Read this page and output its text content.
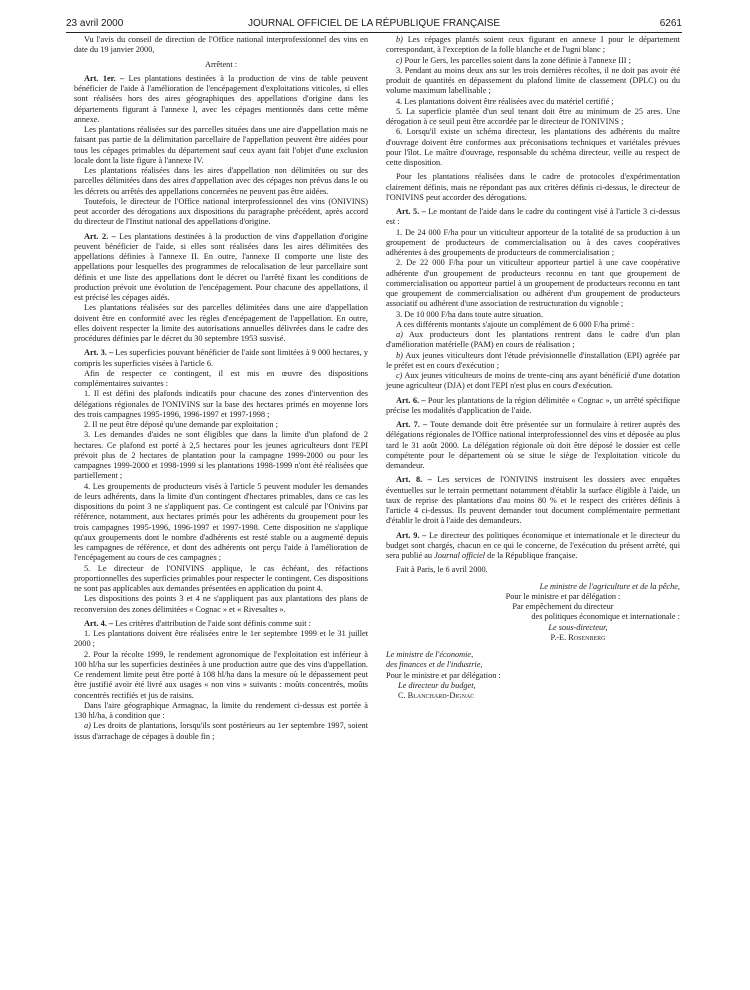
23 avril 2000	JOURNAL OFFICIEL DE LA RÉPUBLIQUE FRANÇAISE	6261

Vu l'avis du conseil de direction de l'Office national interprofessionnel des vins en date du 19 janvier 2000,

Arrêtent :

Art. 1er. – Les plantations destinées à la production de vins de table peuvent bénéficier de l'aide à l'amélioration de l'encépagement d'exploitations viticoles, si elles sont réalisées hors des aires géographiques des appellations d'origine dans les départements figurant à l'annexe I, avec les cépages mentionnés dans cette même annexe.

Les plantations réalisées sur des parcelles situées dans une aire d'appellation mais ne faisant pas partie de la délimitation parcellaire de l'appellation peuvent être aidées pour tous les cépages primables du département sauf ceux ayant fait l'objet d'une exclusion locale dont la liste figure à l'annexe IV.

Les plantations réalisées dans les aires d'appellation non délimitées ou sur des parcelles délimitées dans des aires d'appellation avec des cépages non prévus dans le ou les décrets ou arrêtés des appellations concernées ne peuvent pas être aidées.

Toutefois, le directeur de l'Office national interprofessionnel des vins (ONIVINS) peut accorder des dérogations aux dispositions du paragraphe précédent, après accord du directeur de l'Institut national des appellations d'origine.

Art. 2. – Les plantations destinées à la production de vins d'appellation d'origine peuvent bénéficier de l'aide, si elles sont réalisées dans les aires délimitées des appellations définies à l'annexe II. En outre, l'annexe II comporte une liste des appellations pour lesquelles des programmes de relocalisation de leur parcellaire sont définis et une liste des appellations dont le décret ou l'arrêté fixant les conditions de production prévoit une évolution de l'encépagement. Pour chacune des appellations, il est précisé les cépages aidés.

Les plantations réalisées sur des parcelles délimitées dans une aire d'appellation doivent être en conformité avec les règles d'encépagement de l'appellation. En outre, elles doivent respecter la limite des autorisations annuelles délivrées dans le cadre des procédures définies par le décret du 30 septembre 1953 susvisé.

Art. 3. – Les superficies pouvant bénéficier de l'aide sont limitées à 9 000 hectares, y compris les superficies visées à l'article 6.

Afin de respecter ce contingent, il est mis en œuvre des dispositions complémentaires suivantes :

1. Il est défini des plafonds indicatifs pour chacune des zones d'intervention des délégations régionales de l'ONIVINS sur la base des hectares primés en moyenne lors des trois campagnes 1995-1996, 1996-1997 et 1997-1998 ;

2. Il ne peut être déposé qu'une demande par exploitation ;

3. Les demandes d'aides ne sont éligibles que dans la limite d'un plafond de 2 hectares. Ce plafond est porté à 2,5 hectares pour les jeunes agriculteurs dont l'EPI prévoit plus de 2 hectares de plantation pour la campagne 1999-2000 ou pour les campagnes 1999-2000 et 1998-1999 si les plantations 1998-1999 n'ont été réalisées que partiellement ;

4. Les groupements de producteurs visés à l'article 5 peuvent moduler les demandes de leurs adhérents, dans la limite d'un contingent d'hectares primables, dans ce cas les dispositions du point 3 ne s'appliquent pas. Ce contingent est calculé par l'Onivins par référence, notamment, aux hectares primés pour les adhérents du groupement pour les trois campagnes 1995-1996, 1996-1997 et 1997-1998. Cette disposition ne s'applique qu'aux groupements dont le nombre d'adhérents est resté stable ou a augmenté depuis les campagnes de référence, et dont des adhérents ont perçu l'aide à l'amélioration de l'encépagement au cours de ces campagnes ;

5. Le directeur de l'ONIVINS applique, le cas échéant, des réfactions proportionnelles des superficies primables pour respecter le contingent. Ces dispositions ne sont pas applicables aux demandes présentées en application du point 4.

Les dispositions des points 3 et 4 ne s'appliquent pas aux plantations des plans de reconversion des zones délimitées « Cognac » et « Rivesaltes ».

Art. 4. – Les critères d'attribution de l'aide sont définis comme suit :

1. Les plantations doivent être réalisées entre le 1er septembre 1999 et le 31 juillet 2000 ;

2. Pour la récolte 1999, le rendement agronomique de l'exploitation est inférieur à 100 hl/ha sur les superficies destinées à une production autre que des vins d'appellation. Ce rendement limite peut être porté à 108 hl/ha dans la mesure où le dépassement peut être justifié avoir été livré aux usages « non vins » suivants : moûts concentrés, moûts concentrés rectifiés et jus de raisins.

Dans l'aire géographique Armagnac, la limite du rendement ci-dessus est portée à 130 hl/ha, à condition que :

a) Les droits de plantations, lorsqu'ils sont postérieurs au 1er septembre 1997, soient issus d'arrachage de cépages à double fin ;

b) Les cépages plantés soient ceux figurant en annexe I pour le département correspondant, à l'exception de la folle blanche et de l'ugni blanc ;

c) Pour le Gers, les parcelles soient dans la zone définie à l'annexe III ;

3. Pendant au moins deux ans sur les trois dernières récoltes, il ne doit pas avoir été produit de quantités en dépassement du plafond limite de classement (DPLC) ou du volume maximum labellisable ;

4. Les plantations doivent être réalisées avec du matériel certifié ;

5. La superficie plantée d'un seul tenant doit être au minimum de 25 ares. Une dérogation à ce seuil peut être accordée par le directeur de l'ONIVINS ;

6. Lorsqu'il existe un schéma directeur, les plantations des adhérents du maître d'ouvrage doivent être conformes aux préconisations techniques et variétales prévues pour l'îlot. Le maître d'ouvrage, responsable du schéma directeur, veille au respect de cette disposition.

Pour les plantations réalisées dans le cadre de protocoles d'expérimentation clairement définis, mais ne répondant pas aux critères définis ci-dessus, le directeur de l'ONIVINS peut accorder des dérogations.

Art. 5. – Le montant de l'aide dans le cadre du contingent visé à l'article 3 ci-dessus est :

1. De 24 000 F/ha pour un viticulteur apporteur de la totalité de sa production à un groupement de producteurs de commercialisation ou à des caves coopératives adhérentes à des groupements de producteurs de commercialisation ;

2. De 22 000 F/ha pour un viticulteur apporteur partiel à une cave coopérative adhérente d'un groupement de producteurs reconnu en tant que groupement de commercialisation ou apporteur partiel à un groupement de producteurs reconnu en tant que groupement de commercialisation ou adhérent d'un groupement de producteurs associatif ou adhérent d'une association de restructuration du vignoble ;

3. De 10 000 F/ha dans toute autre situation.

A ces différents montants s'ajoute un complément de 6 000 F/ha primé :

a) Aux producteurs dont les plantations rentrent dans le cadre d'un plan d'amélioration matérielle (PAM) en cours de réalisation ;

b) Aux jeunes viticulteurs dont l'étude prévisionnelle d'installation (EPI) agréée par le préfet est en cours d'exécution ;

c) Aux jeunes viticulteurs de moins de trente-cinq ans ayant bénéficié d'une dotation jeune agriculteur (DJA) et dont l'EPI n'est plus en cours d'exécution.

Art. 6. – Pour les plantations de la région délimitée « Cognac », un arrêté spécifique précise les modalités d'application de l'aide.

Art. 7. – Toute demande doit être présentée sur un formulaire à retirer auprès des délégations régionales de l'Office national interprofessionnel des vins et déposée au plus tard le 31 août 2000. La délégation régionale où doit être déposé le dossier est celle compétente pour le département où se situe le siège de l'exploitation viticole du demandeur.

Art. 8. – Les services de l'ONIVINS instruisent les dossiers avec enquêtes éventuelles sur le terrain permettant notamment d'établir la surface éligible à l'aide, un taux de reprise des plantations d'au moins 80 % et le respect des critères définis à l'article 4 ci-dessus. Ils peuvent demander tout document complémentaire permettant d'établir le droit à l'aide des demandeurs.

Art. 9. – Le directeur des politiques économique et internationale et le directeur du budget sont chargés, chacun en ce qui le concerne, de l'exécution du présent arrêté, qui sera publié au Journal officiel de la République française.

Fait à Paris, le 6 avril 2000.

Le ministre de l'agriculture et de la pêche,

Pour le ministre et par délégation :

Par empêchement du directeur

des politiques économique et internationale :

Le sous-directeur,

P.-E. Rosenberg

Le ministre de l'économie,

des finances et de l'industrie,

Pour le ministre et par délégation :

Le directeur du budget,

C. Blanchard-Dignac
